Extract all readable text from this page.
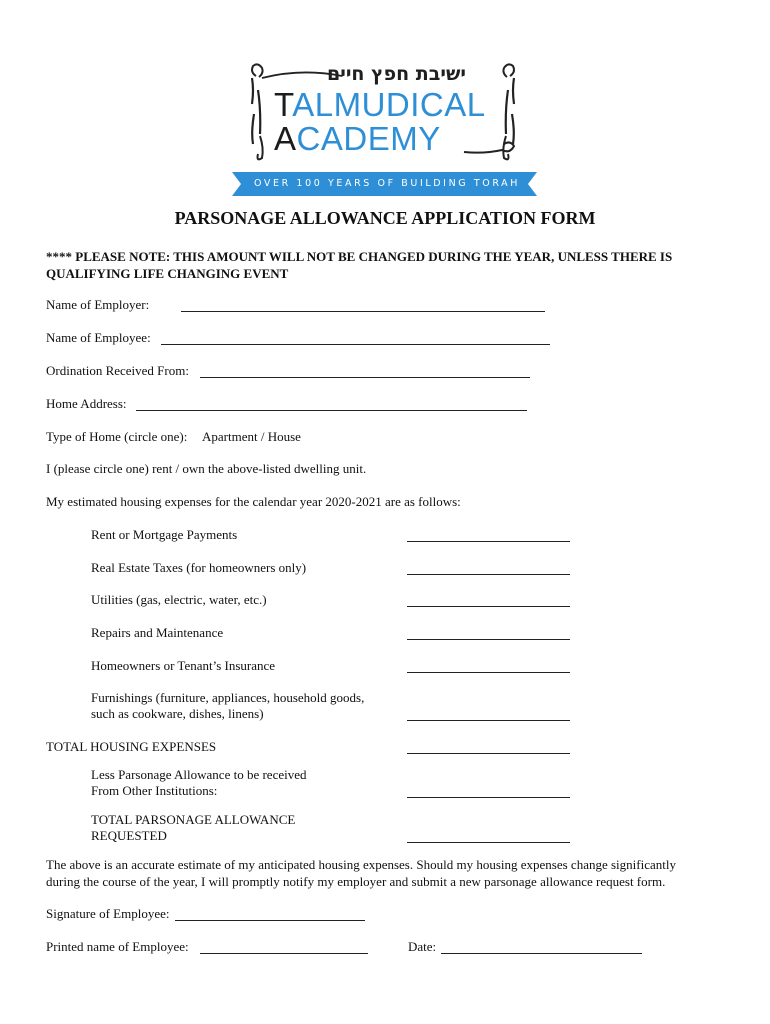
ישיבת חפץ חיים
TALMUDICAL
ACADEMY
OVER 100 YEARS OF BUILDING TORAH
PARSONAGE ALLOWANCE APPLICATION FORM
**** PLEASE NOTE: THIS AMOUNT WILL NOT BE CHANGED DURING THE YEAR, UNLESS THERE IS
QUALIFYING LIFE CHANGING EVENT
Name of Employer:
Name of Employee:
Ordination Received From:
Home Address:
Type of Home (circle one): Apartment / House
I (please circle one) rent / own the above-listed dwelling unit.
My estimated housing expenses for the calendar year 2020-2021 are as follows:
Rent or Mortgage Payments
Real Estate Taxes (for homeowners only)
Utilities (gas, electric, water, etc.)
Repairs and Maintenance
Homeowners or Tenant’s Insurance
Furnishings (furniture, appliances, household goods,
such as cookware, dishes, linens)
TOTAL HOUSING EXPENSES
Less Parsonage Allowance to be received
From Other Institutions:
TOTAL PARSONAGE ALLOWANCE
REQUESTED
The above is an accurate estimate of my anticipated housing expenses. Should my housing expenses change significantly
during the course of the year, I will promptly notify my employer and submit a new parsonage allowance request form.
Signature of Employee:
Printed name of Employee:	Date:
